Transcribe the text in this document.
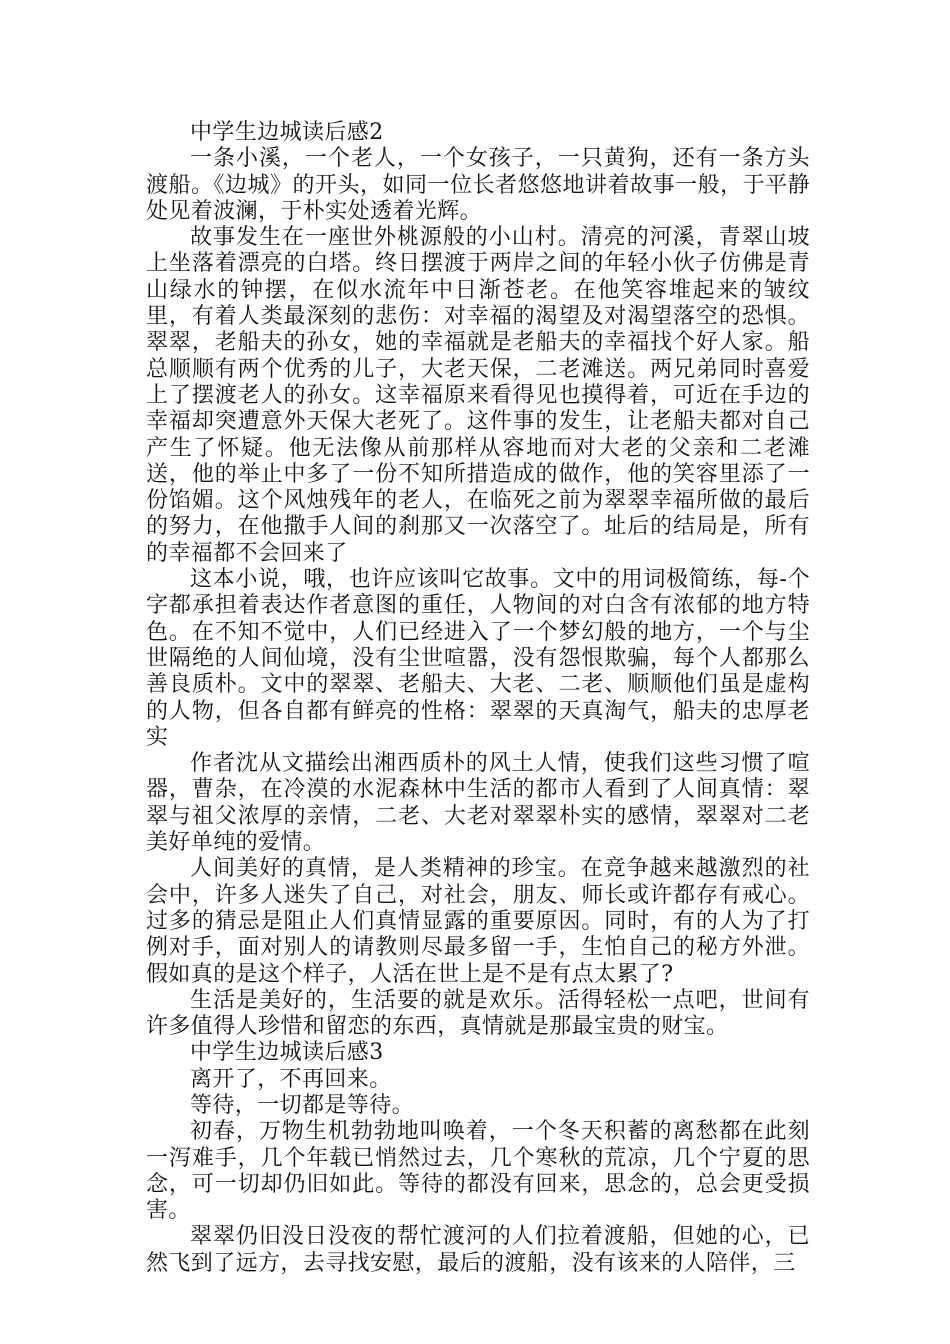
中学生边城读后感2

一条小溪，一个老人，一个女孩子，一只黄狗，还有一条方头渡船。《边城》的开头，如同一位长者悠悠地讲着故事一般，于平静处见着波澜，于朴实处透着光辉。

故事发生在一座世外桃源般的小山村。清亮的河溪，青翠山坡上坐落着漂亮的白塔。终日摆渡于两岸之间的年轻小伙子仿佛是青山绿水的钟摆，在似水流年中日渐苍老。在他笑容堆起来的皱纹里，有着人类最深刻的悲伤：对幸福的渴望及对渴望落空的恐惧。翠翠，老船夫的孙女，她的幸福就是老船夫的幸福找个好人家。船总顺顺有两个优秀的儿子，大老天保，二老滩送。两兄弟同时喜爱上了摆渡老人的孙女。这幸福原来看得见也摸得着，可近在手边的幸福却突遭意外天保大老死了。这件事的发生，让老船夫都对自己产生了怀疑。他无法像从前那样从容地而对大老的父亲和二老滩送，他的举止中多了一份不知所措造成的做作，他的笑容里添了一份馅媚。这个风烛残年的老人，在临死之前为翠翠幸福所做的最后的努力，在他撒手人间的刹那又一次落空了。址后的结局是，所有的幸福都不会回来了

这本小说，哦，也许应该叫它故事。文中的用词极简练，每-个字都承担着表达作者意图的重任，人物间的对白含有浓郁的地方特色。在不知不觉中，人们已经进入了一个梦幻般的地方，一个与尘世隔绝的人间仙境，没有尘世喧嚣，没有怨恨欺骗，每个人都那么善良质朴。文中的翠翠、老船夫、大老、二老、顺顺他们虽是虚构的人物，但各自都有鲜亮的性格：翠翠的天真淘气，船夫的忠厚老实

作者沈从文描绘出湘西质朴的风土人情，使我们这些习惯了喧器，曹杂，在冷漠的水泥森林中生活的都市人看到了人间真情：翠翠与祖父浓厚的亲情，二老、大老对翠翠朴实的感情，翠翠对二老美好单纯的爱情。

人间美好的真情，是人类精神的珍宝。在竞争越来越激烈的社会中，许多人迷失了自己，对社会，朋友、师长或许都存有戒心。过多的猜忌是阻止人们真情显露的重要原因。同时，有的人为了打例对手，面对别人的请教则尽最多留一手，生怕自己的秘方外泄。假如真的是这个样子，人活在世上是不是有点太累了?

生活是美好的，生活要的就是欢乐。活得轻松一点吧，世间有许多值得人珍惜和留恋的东西，真情就是那最宝贵的财宝。

中学生边城读后感3

离开了，不再回来。

等待，一切都是等待。

初春，万物生机勃勃地叫唤着，一个冬天积蓄的离愁都在此刻一泻难手，几个年载已悄然过去，几个寒秋的荒凉，几个宁夏的思念，可一切却仍旧如此。等待的都没有回来，思念的，总会更受损害。

翠翠仍旧没日没夜的帮忙渡河的人们拉着渡船，但她的心，已然飞到了远方，去寻找安慰，最后的渡船，没有该来的人陪伴，三
